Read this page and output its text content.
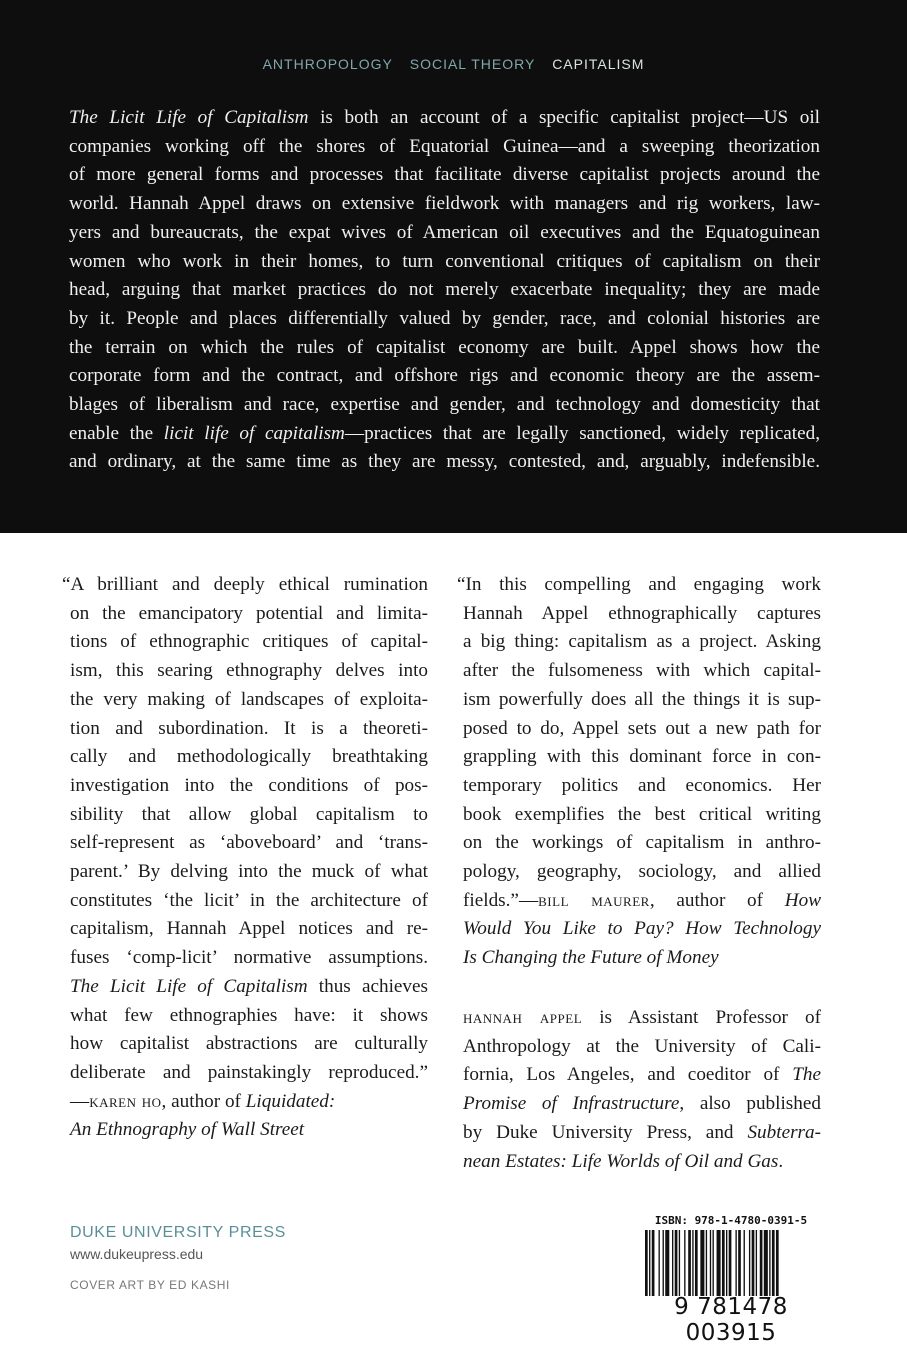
ANTHROPOLOGY SOCIAL THEORY CAPITALISM
The Licit Life of Capitalism is both an account of a specific capitalist project—US oil
companies working off the shores of Equatorial Guinea—and a sweeping theorization
of more general forms and processes that facilitate diverse capitalist projects around the
world. Hannah Appel draws on extensive fieldwork with managers and rig workers, law-
yers and bureaucrats, the expat wives of American oil executives and the Equatoguinean
women who work in their homes, to turn conventional critiques of capitalism on their
head, arguing that market practices do not merely exacerbate inequality; they are made
by it. People and places differentially valued by gender, race, and colonial histories are
the terrain on which the rules of capitalist economy are built. Appel shows how the
corporate form and the contract, and offshore rigs and economic theory are the assem-
blages of liberalism and race, expertise and gender, and technology and domesticity that
enable the licit life of capitalism—practices that are legally sanctioned, widely replicated,
and ordinary, at the same time as they are messy, contested, and, arguably, indefensible.
“A brilliant and deeply ethical rumination
on the emancipatory potential and limita-
tions of ethnographic critiques of capital-
ism, this searing ethnography delves into
the very making of landscapes of exploita-
tion and subordination. It is a theoreti-
cally and methodologically breathtaking
investigation into the conditions of pos-
sibility that allow global capitalism to
self-represent as ‘aboveboard’ and ‘trans-
parent.’ By delving into the muck of what
constitutes ‘the licit’ in the architecture of
capitalism, Hannah Appel notices and re-
fuses ‘comp-licit’ normative assumptions.
The Licit Life of Capitalism thus achieves
what few ethnographies have: it shows
how capitalist abstractions are culturally
deliberate and painstakingly reproduced.”
—karen ho, author of Liquidated:
An Ethnography of Wall Street
“In this compelling and engaging work
Hannah Appel ethnographically captures
a big thing: capitalism as a project. Asking
after the fulsomeness with which capital-
ism powerfully does all the things it is sup-
posed to do, Appel sets out a new path for
grappling with this dominant force in con-
temporary politics and economics. Her
book exemplifies the best critical writing
on the workings of capitalism in anthro-
pology, geography, sociology, and allied
fields.”—bill maurer, author of How
Would You Like to Pay? How Technology
Is Changing the Future of Money
hannah appel is Assistant Professor of
Anthropology at the University of Cali-
fornia, Los Angeles, and coeditor of The
Promise of Infrastructure, also published
by Duke University Press, and Subterra-
nean Estates: Life Worlds of Oil and Gas.
DUKE UNIVERSITY PRESS
www.dukeupress.edu
COVER ART BY ED KASHI
ISBN: 978-1-4780-0391-5
9 781478 003915
